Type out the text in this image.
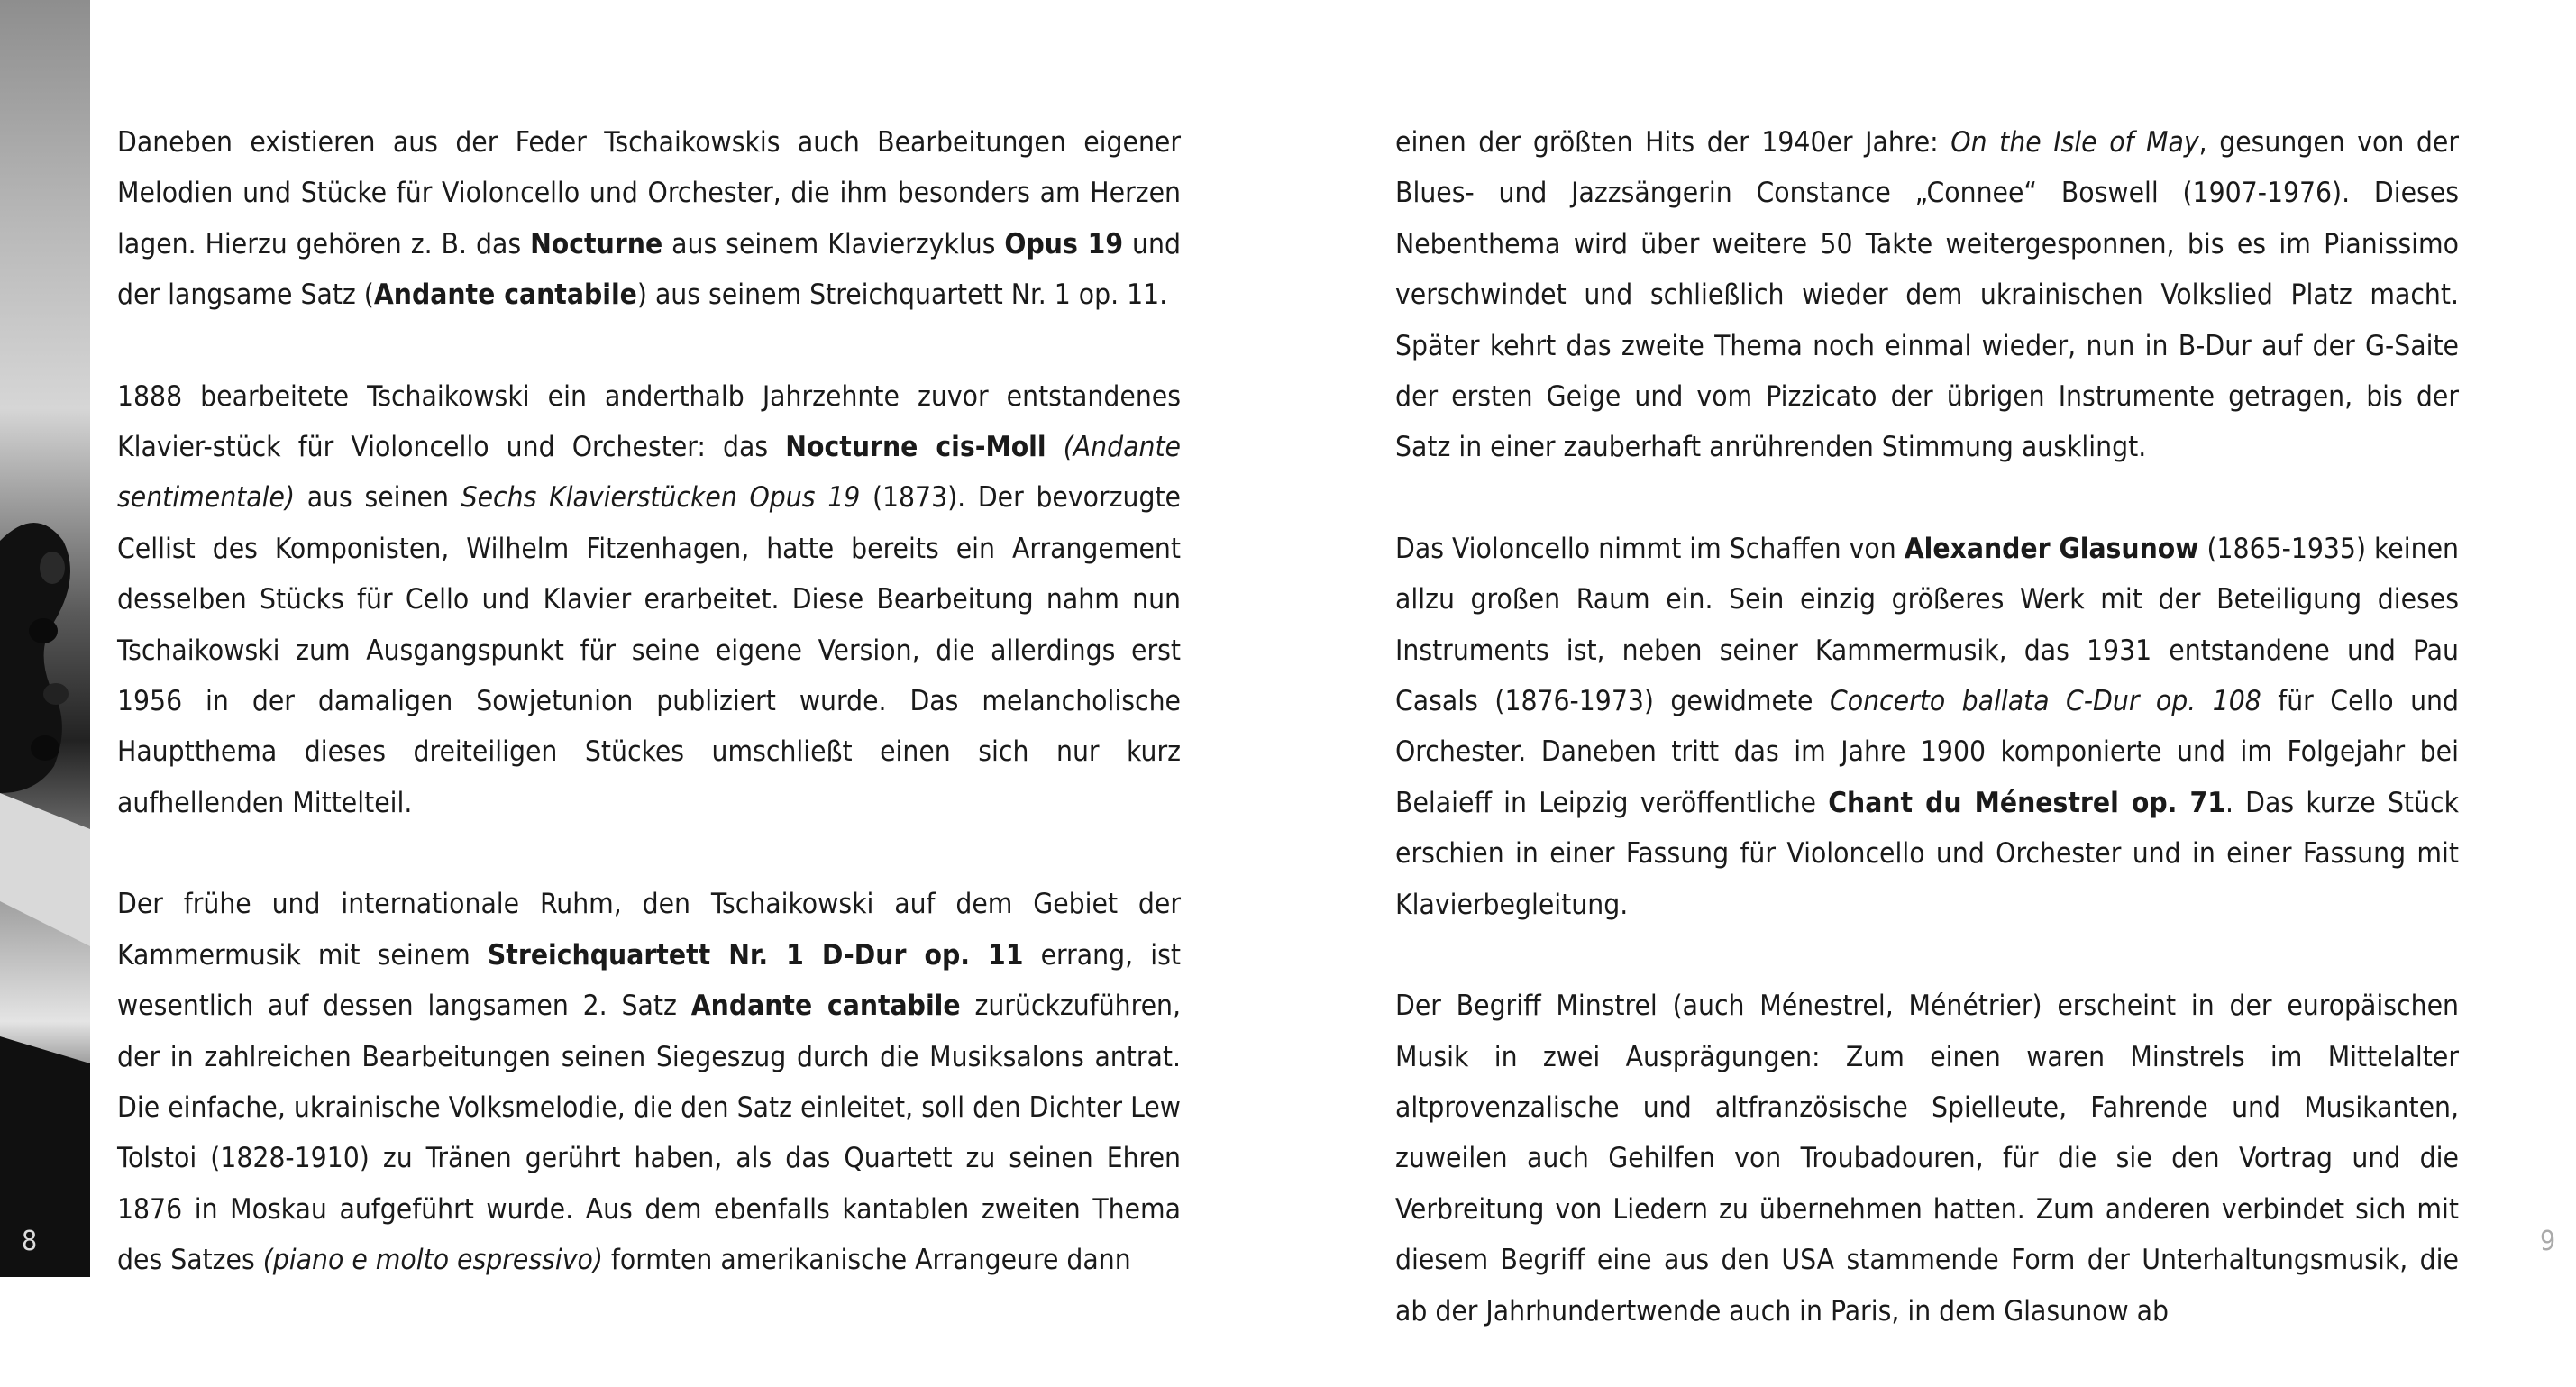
Daneben existieren aus der Feder Tschaikowskis auch Bearbeitungen eigener Melodien und Stücke für Violoncello und Orchester, die ihm besonders am Herzen lagen. Hierzu gehören z. B. das Nocturne aus seinem Klavierzyklus Opus 19 und der langsame Satz (Andante cantabile) aus seinem Streichquartett Nr. 1 op. 11.

1888 bearbeitete Tschaikowski ein anderthalb Jahrzehnte zuvor entstandenes Klavier-stück für Violoncello und Orchester: das Nocturne cis-Moll (Andante sentimentale) aus seinen Sechs Klavierstücken Opus 19 (1873). Der bevorzugte Cellist des Komponisten, Wilhelm Fitzenhagen, hatte bereits ein Arrangement desselben Stücks für Cello und Klavier erarbeitet. Diese Bearbeitung nahm nun Tschaikowski zum Ausgangspunkt für seine eigene Version, die allerdings erst 1956 in der damaligen Sowjetunion publiziert wurde. Das melancholische Hauptthema dieses dreiteiligen Stückes umschließt einen sich nur kurz aufhellenden Mittelteil.

Der frühe und internationale Ruhm, den Tschaikowski auf dem Gebiet der Kammermusik mit seinem Streichquartett Nr. 1 D-Dur op. 11 errang, ist wesentlich auf dessen langsamen 2. Satz Andante cantabile zurückzuführen, der in zahlreichen Bearbeitungen seinen Siegeszug durch die Musiksalons antrat. Die einfache, ukrainische Volksmelodie, die den Satz einleitet, soll den Dichter Lew Tolstoi (1828-1910) zu Tränen gerührt haben, als das Quartett zu seinen Ehren 1876 in Moskau aufgeführt wurde. Aus dem ebenfalls kantablen zweiten Thema des Satzes (piano e molto espressivo) formten amerikanische Arrangeure dann

einen der größten Hits der 1940er Jahre: On the Isle of May, gesungen von der Blues- und Jazzsängerin Constance „Connee“ Boswell (1907-1976). Dieses Nebenthema wird über weitere 50 Takte weitergesponnen, bis es im Pianissimo verschwindet und schließlich wieder dem ukrainischen Volkslied Platz macht. Später kehrt das zweite Thema noch einmal wieder, nun in B-Dur auf der G-Saite der ersten Geige und vom Pizzicato der übrigen Instrumente getragen, bis der Satz in einer zauberhaft anrührenden Stimmung ausklingt.

Das Violoncello nimmt im Schaffen von Alexander Glasunow (1865-1935) keinen allzu großen Raum ein. Sein einzig größeres Werk mit der Beteiligung dieses Instruments ist, neben seiner Kammermusik, das 1931 entstandene und Pau Casals (1876-1973) gewidmete Concerto ballata C-Dur op. 108 für Cello und Orchester. Daneben tritt das im Jahre 1900 komponierte und im Folgejahr bei Belaieff in Leipzig veröffentliche Chant du Ménestrel op. 71. Das kurze Stück erschien in einer Fassung für Violoncello und Orchester und in einer Fassung mit Klavierbegleitung.

Der Begriff Minstrel (auch Ménestrel, Ménétrier) erscheint in der europäischen Musik in zwei Ausprägungen: Zum einen waren Minstrels im Mittelalter altprovenzalische und altfranzösische Spielleute, Fahrende und Musikanten, zuweilen auch Gehilfen von Troubadouren, für die sie den Vortrag und die Verbreitung von Liedern zu übernehmen hatten. Zum anderen verbindet sich mit diesem Begriff eine aus den USA stammende Form der Unterhaltungsmusik, die ab der Jahrhundertwende auch in Paris, in dem Glasunow ab

8	9
